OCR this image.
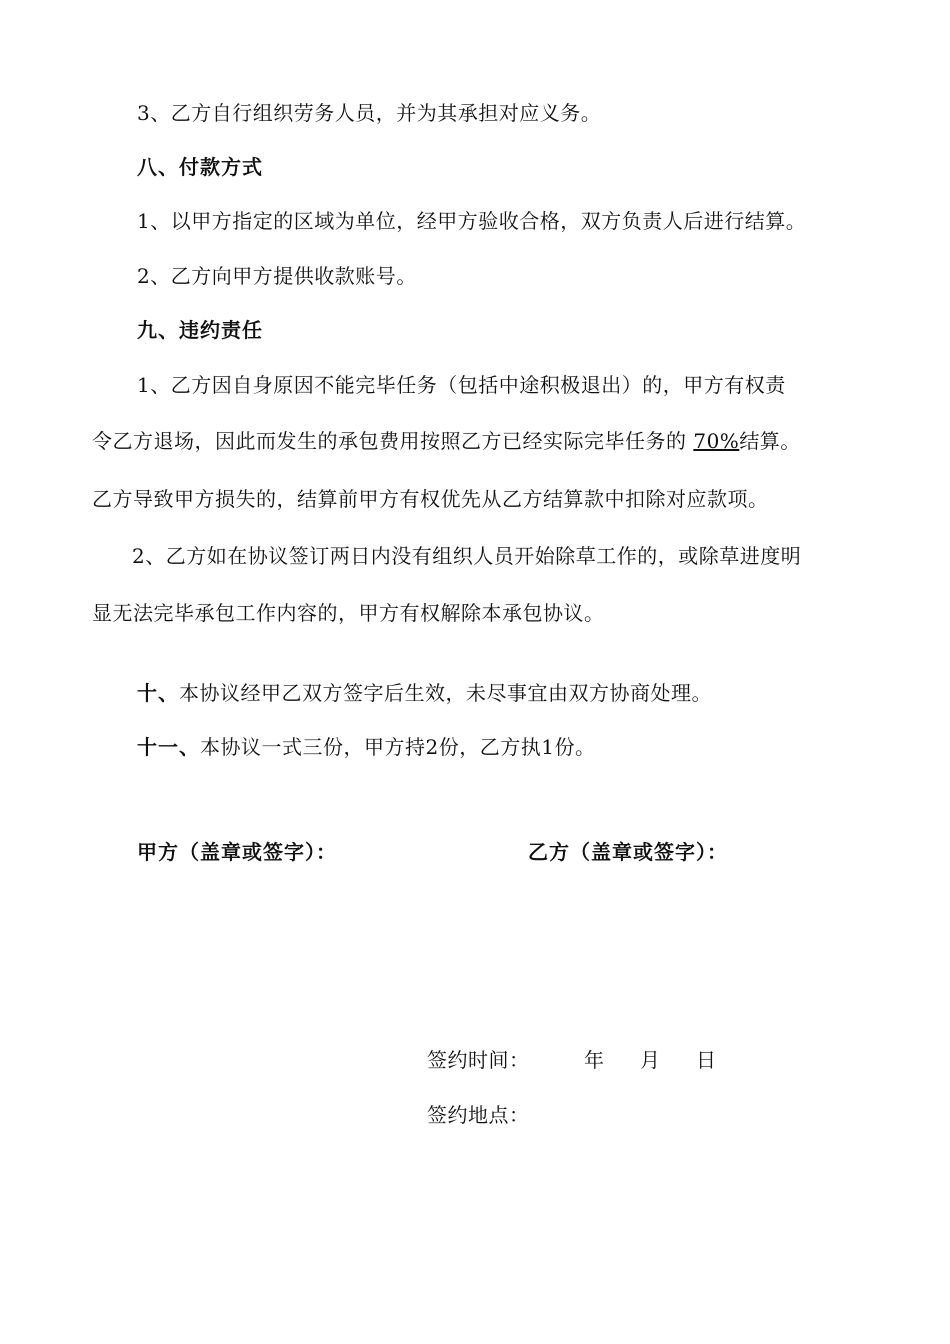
3、乙方自行组织劳务人员，并为其承担对应义务。
八、付款方式
1、以甲方指定的区域为单位，经甲方验收合格，双方负责人后进行结算。
2、乙方向甲方提供收款账号。
九、违约责任
1、乙方因自身原因不能完毕任务（包括中途积极退出）的，甲方有权责
令乙方退场，因此而发生的承包费用按照乙方已经实际完毕任务的 70%结算。
乙方导致甲方损失的，结算前甲方有权优先从乙方结算款中扣除对应款项。
2、乙方如在协议签订两日内没有组织人员开始除草工作的，或除草进度明
显无法完毕承包工作内容的，甲方有权解除本承包协议。
十、本协议经甲乙双方签字后生效，未尽事宜由双方协商处理。
十一、本协议一式三份，甲方持2份，乙方执1份。
甲方（盖章或签字）：	乙方（盖章或签字）：
签约时间：	年 月 日
签约地点：
